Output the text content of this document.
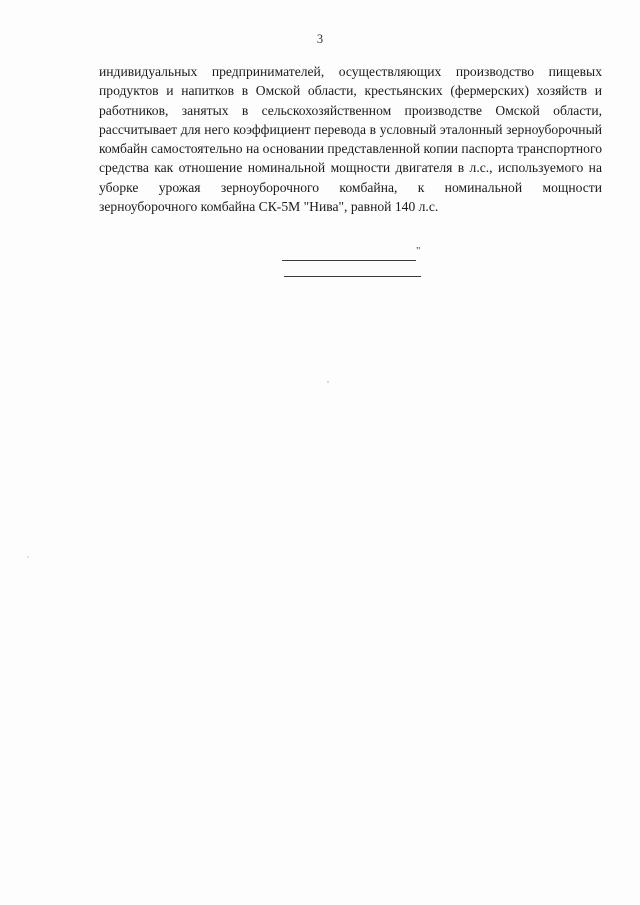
3

индивидуальных предпринимателей, осуществляющих производство пищевых продуктов и напитков в Омской области, крестьянских (фермерских) хозяйств и работников, занятых в сельскохозяйственном производстве Омской области, рассчитывает для него коэффициент перевода в условный эталонный зерноуборочный комбайн самостоятельно на основании представленной копии паспорта транспортного средства как отношение номинальной мощности двигателя в л.с., используемого на уборке урожая зерноуборочного комбайна, к номинальной мощности зерноуборочного комбайна СК-5М "Нива", равной 140 л.с.

"
